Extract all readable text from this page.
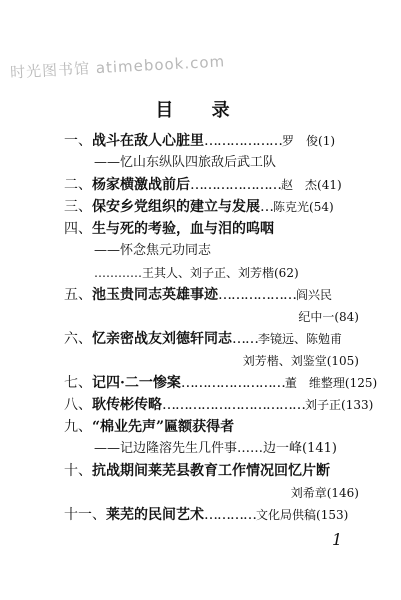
时光图书馆 atimebook.com
目 录
一、战斗在敌人心脏里………………罗　俊(1)
——忆山东纵队四旅敌后武工队
二、杨家横激战前后…………………赵　杰(41)
三、保安乡党组织的建立与发展…陈克光(54)
四、生与死的考验，血与泪的呜咽
——怀念焦元功同志
…………王其人、刘子正、刘芳楷(62)
五、池玉贵同志英雄事迹………………阎兴民
纪中一(84)
六、忆亲密战友刘德轩同志……李镜远、陈勉甫
刘芳楷、刘鉴堂(105)
七、记四·二一惨案……………………董　维整理(125)
八、耿传彬传略……………………………刘子正(133)
九、“棉业先声”匾额获得者
——记边隆溶先生几件事……边一峰(141)
十、抗战期间莱芜县教育工作情况回忆片断
刘希章(146)
十一、莱芜的民间艺术…………文化局供稿(153)
1
